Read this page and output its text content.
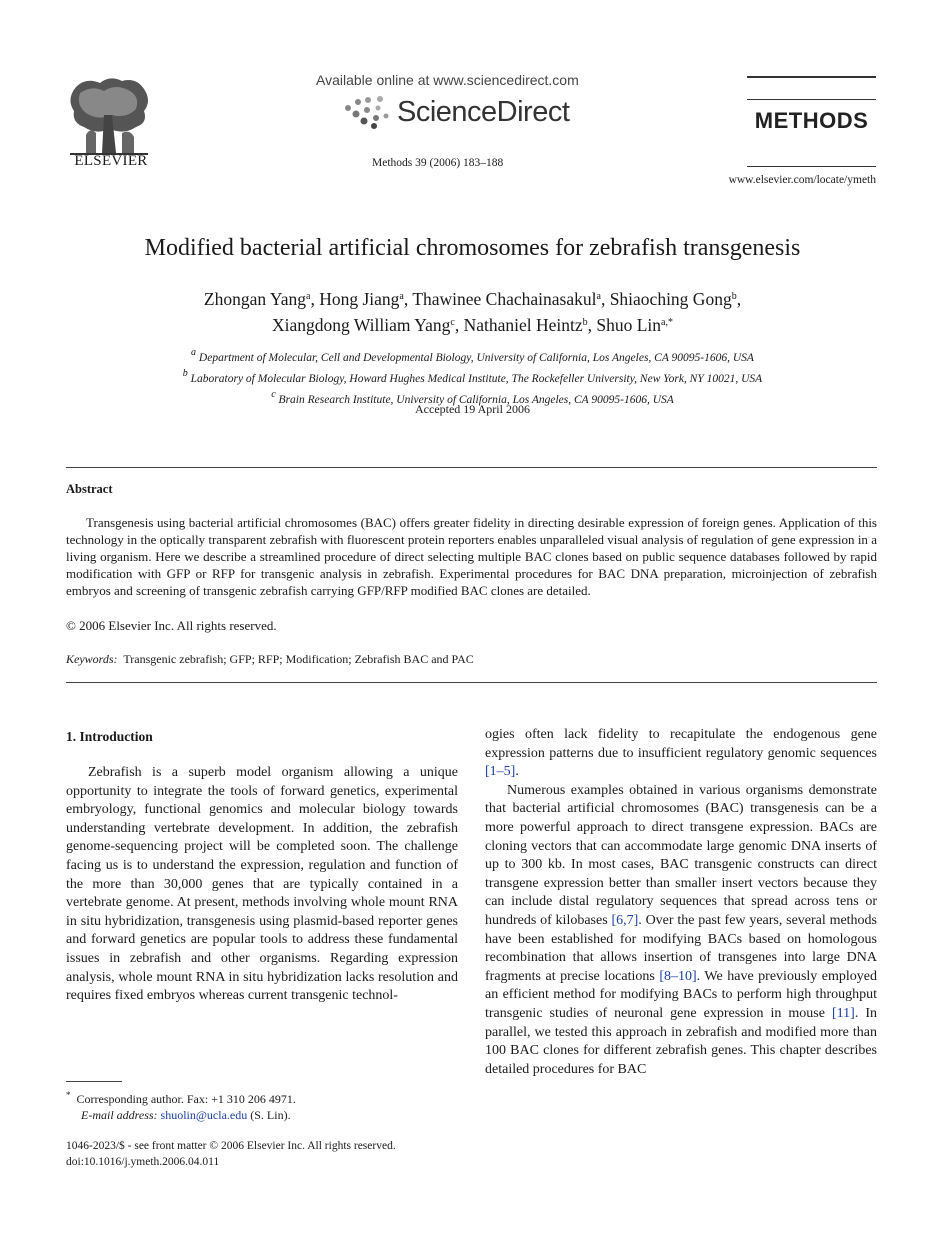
ELSEVIER
Available online at www.sciencedirect.com
ScienceDirect
Methods 39 (2006) 183–188
METHODS
www.elsevier.com/locate/ymeth
Modified bacterial artificial chromosomes for zebrafish transgenesis
Zhongan Yang$^a$, Hong Jiang$^a$, Thawinee Chachainasakul$^a$, Shiaoching Gong$^b$,
Xiangdong William Yang$^c$, Nathaniel Heintz$^b$, Shuo Lin$^{a,*}$
$^a$ Department of Molecular, Cell and Developmental Biology, University of California, Los Angeles, CA 90095-1606, USA
$^b$ Laboratory of Molecular Biology, Howard Hughes Medical Institute, The Rockefeller University, New York, NY 10021, USA
$^c$ Brain Research Institute, University of California, Los Angeles, CA 90095-1606, USA
Accepted 19 April 2006
Abstract
Transgenesis using bacterial artificial chromosomes (BAC) offers greater fidelity in directing desirable expression of foreign genes. Application of this technology in the optically transparent zebrafish with fluorescent protein reporters enables unparalleled visual analysis of regulation of gene expression in a living organism. Here we describe a streamlined procedure of direct selecting multiple BAC clones based on public sequence databases followed by rapid modification with GFP or RFP for transgenic analysis in zebrafish. Experimental procedures for BAC DNA preparation, microinjection of zebrafish embryos and screening of transgenic zebrafish carrying GFP/RFP modified BAC clones are detailed.
© 2006 Elsevier Inc. All rights reserved.
Keywords: Transgenic zebrafish; GFP; RFP; Modification; Zebrafish BAC and PAC
1. Introduction

Zebrafish is a superb model organism allowing a unique opportunity to integrate the tools of forward genetics, experimental embryology, functional genomics and molecular biology towards understanding vertebrate development. In addition, the zebrafish genome-sequencing project will be completed soon. The challenge facing us is to understand the expression, regulation and function of the more than 30,000 genes that are typically contained in a vertebrate genome. At present, methods involving whole mount RNA in situ hybridization, transgenesis using plasmid-based reporter genes and forward genetics are popular tools to address these fundamental issues in zebrafish and other organisms. Regarding expression analysis, whole mount RNA in situ hybridization lacks resolution and requires fixed embryos whereas current transgenic technol-

ogies often lack fidelity to recapitulate the endogenous gene expression patterns due to insufficient regulatory genomic sequences [1–5].

Numerous examples obtained in various organisms demonstrate that bacterial artificial chromosomes (BAC) transgenesis can be a more powerful approach to direct transgene expression. BACs are cloning vectors that can accommodate large genomic DNA inserts of up to 300 kb. In most cases, BAC transgenic constructs can direct transgene expression better than smaller insert vectors because they can include distal regulatory sequences that spread across tens or hundreds of kilobases [6,7]. Over the past few years, several methods have been established for modifying BACs based on homologous recombination that allows insertion of transgenes into large DNA fragments at precise locations [8–10]. We have previously employed an efficient method for modifying BACs to perform high throughput transgenic studies of neuronal gene expression in mouse [11]. In parallel, we tested this approach in zebrafish and modified more than 100 BAC clones for different zebrafish genes. This chapter describes detailed procedures for BAC

* Corresponding author. Fax: +1 310 206 4971.
E-mail address: shuolin@ucla.edu (S. Lin).
1046-2023/$ - see front matter © 2006 Elsevier Inc. All rights reserved.
doi:10.1016/j.ymeth.2006.04.011
